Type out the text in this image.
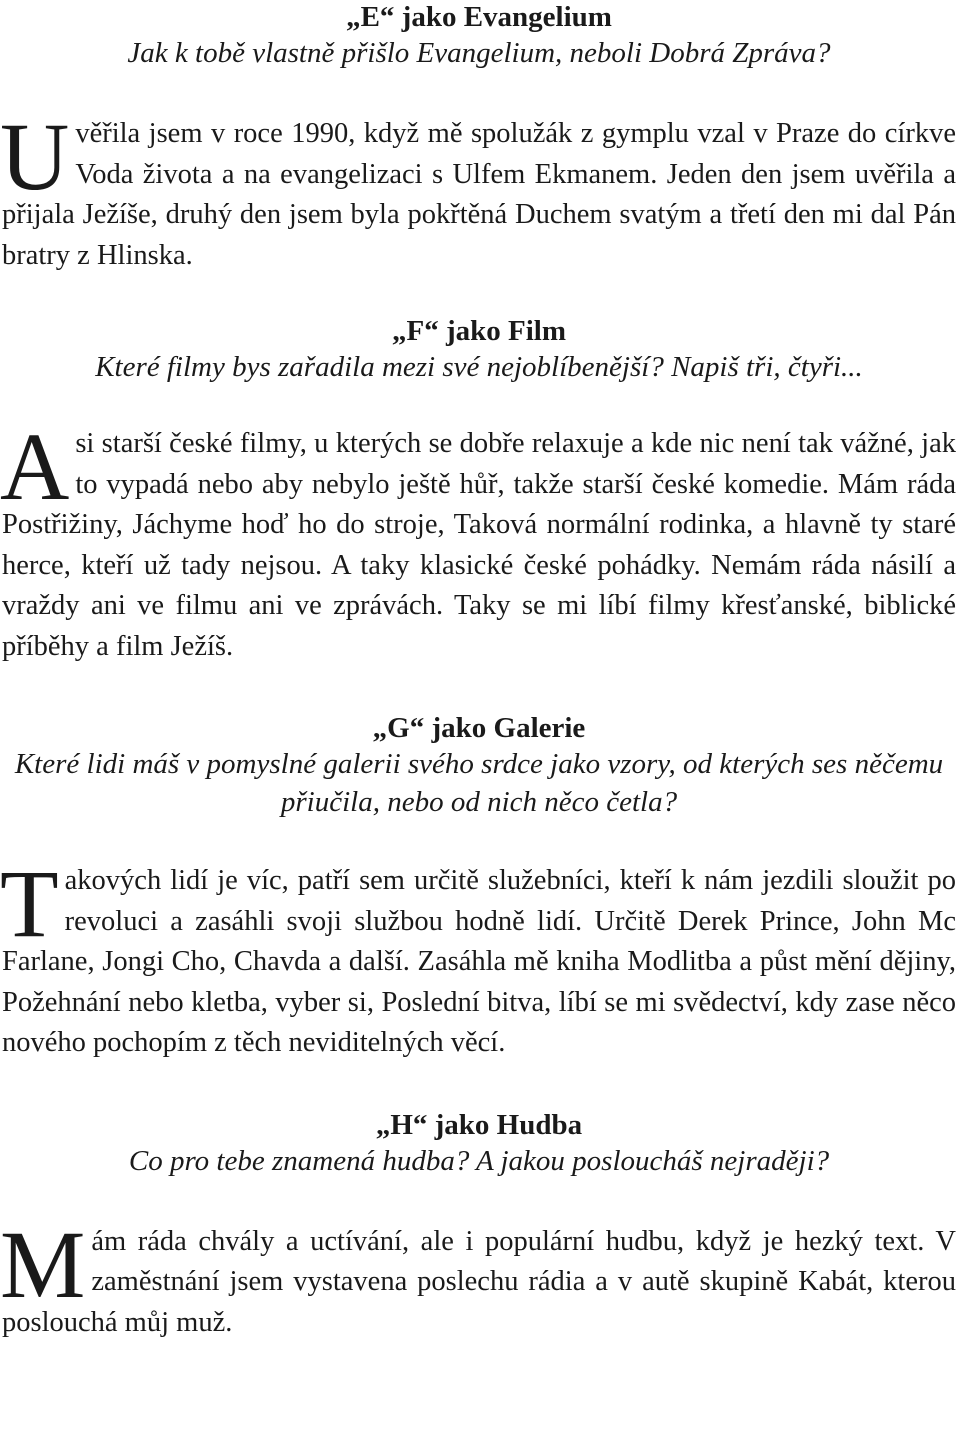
„E“ jako Evangelium

Jak k tobě vlastně přišlo Evangelium, neboli Dobrá Zpráva?

Uvěřila jsem v roce 1990, když mě spolužák z gymplu vzal v Praze do církve Voda života a na evangelizaci s Ulfem Ekmanem. Jeden den jsem uvěřila a přijala Ježíše, druhý den jsem byla pokřtěná Duchem svatým a třetí den mi dal Pán bratry z Hlinska.

„F“ jako Film

Které filmy bys zařadila mezi své nejoblíbenější? Napiš tři, čtyři...

Asi starší české filmy, u kterých se dobře relaxuje a kde nic není tak vážné, jak to vypadá nebo aby nebylo ještě hůř, takže starší české komedie. Mám ráda Postřižiny, Jáchyme hoď ho do stroje, Taková normální rodinka, a hlavně ty staré herce, kteří už tady nejsou. A taky klasické české pohádky. Nemám ráda násilí a vraždy ani ve filmu ani ve zprávách. Taky se mi líbí filmy křesťanské, biblické příběhy a film Ježíš.

„G“ jako Galerie

Které lidi máš v pomyslné galerii svého srdce jako vzory, od kterých ses něčemu přiučila, nebo od nich něco četla?

Takových lidí je víc, patří sem určitě služebníci, kteří k nám jezdili sloužit po revoluci a zasáhli svoji službou hodně lidí. Určitě Derek Prince, John Mc Farlane, Jongi Cho, Chavda a další. Zasáhla mě kniha Modlitba a půst mění dějiny, Požehnání nebo kletba, vyber si, Poslední bitva, líbí se mi svědectví, kdy zase něco nového pochopím z těch neviditelných věcí.

„H“ jako Hudba

Co pro tebe znamená hudba? A jakou posloucháš nejraději?

Mám ráda chvály a uctívání, ale i populární hudbu, když je hezký text. V zaměstnání jsem vystavena poslechu rádia a v autě skupině Kabát, kterou poslouchá můj muž.
